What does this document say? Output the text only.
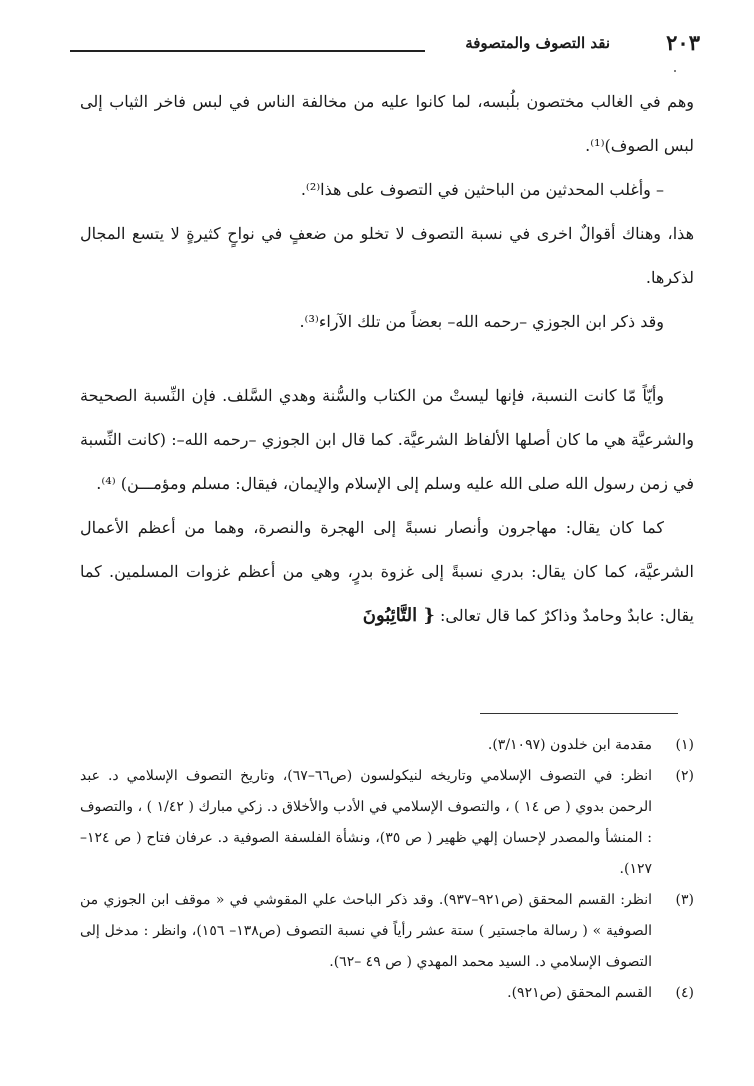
٢٠٣
نقد التصوف والمتصوفة

وهم في الغالب مختصون بلُبسه، لما كانوا عليه من مخالفة الناس في لبس فاخر الثياب إلى لبس الصوف)⁽¹⁾.

– وأغلب المحدثين من الباحثين في التصوف على هذا⁽²⁾.

هذا، وهناك أقوالٌ اخرى في نسبة التصوف لا تخلو من ضعفٍ في نواحٍ كثيرةٍ لا يتسع المجال لذكرها.

وقد ذكر ابن الجوزي –رحمه الله– بعضاً من تلك الآراء⁽³⁾.

وأيّاً مّا كانت النسبة، فإنها ليستْ من الكتاب والسُّنة وهدي السَّلف. فإن النِّسبة الصحيحة والشرعيَّة هي ما كان أصلها الألفاظ الشرعيَّة. كما قال ابن الجوزي –رحمه الله–: (كانت النِّسبة في زمن رسول الله صلى الله عليه وسلم إلى الإسلام والإيمان، فيقال: مسلم ومؤمـــن) ⁽⁴⁾.

كما كان يقال: مهاجرون وأنصار نسبةً إلى الهجرة والنصرة، وهما من أعظم الأعمال الشرعيَّة، كما كان يقال: بدري نسبةً إلى غزوة بدرٍ، وهي من أعظم غزوات المسلمين. كما يقال: عابدٌ وحامدٌ وذاكرٌ كما قال تعالى: { التَّائِبُونَ

(١)
مقدمة ابن خلدون (٣/١٠٩٧).
(٢)
انظر: في التصوف الإسلامي وتاريخه لنيكولسون (ص٦٦–٦٧)، وتاريخ التصوف الإسلامي د. عبد الرحمن بدوي ( ص ١٤ ) ، والتصوف الإسلامي في الأدب والأخلاق د. زكي مبارك ( ١/٤٢ ) ، والتصوف : المنشأ والمصدر لإحسان إلهي ظهير ( ص ٣٥)، ونشأة الفلسفة الصوفية د. عرفان فتاح ( ص ١٢٤– ١٢٧).
(٣)
انظر: القسم المحقق (ص٩٢١–٩٣٧). وقد ذكر الباحث علي المقوشي في « موقف ابن الجوزي من الصوفية » ( رسالة ماجستير ) ستة عشر رأياً في نسبة التصوف (ص١٣٨– ١٥٦)، وانظر : مدخل إلى التصوف الإسلامي د. السيد محمد المهدي ( ص ٤٩ –٦٢).
(٤)
القسم المحقق (ص٩٢١).
